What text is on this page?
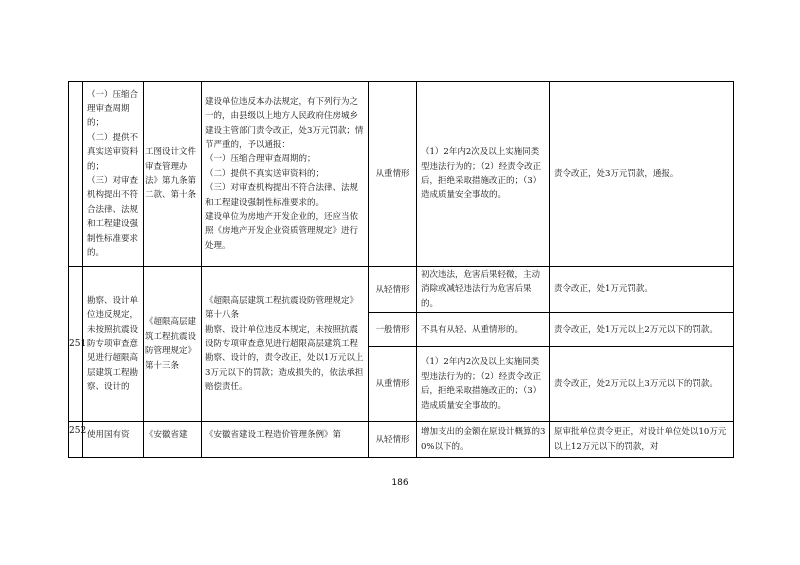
	（一）压缩合理审查周期的；
（二）提供不真实送审资料的；
（三）对审查机构提出不符合法律、法规和工程建设强制性标准要求的。	工图设计文件审查管理办法》第九条第二款、第十条	建设单位违反本办法规定，有下列行为之一的，由县级以上地方人民政府住房城乡建设主管部门责令改正，处3万元罚款；情节严重的，予以通报：
（一）压缩合理审查周期的；
（二）提供不真实送审资料的；
（三）对审查机构提出不符合法律、法规和工程建设强制性标准要求的。
建设单位为房地产开发企业的，还应当依照《房地产开发企业资质管理规定》进行处理。	从重情形	（1）2年内2次及以上实施同类型违法行为的；（2）经责令改正后，拒绝采取措施改正的；（3）造成质量安全事故的。	责令改正，处3万元罚款，通报。
251	勘察、设计单位违反规定，未按照抗震设防专项审查意见进行超限高层建筑工程勘察、设计的	《超限高层建筑工程抗震设防管理规定》第十三条	《超限高层建筑工程抗震设防管理规定》第十八条
勘察、设计单位违反本规定，未按照抗震设防专项审查意见进行超限高层建筑工程勘察、设计的，责令改正，处以1万元以上3万元以下的罚款；造成损失的，依法承担赔偿责任。	从轻情形	初次违法，危害后果轻微，主动消除或减轻违法行为危害后果的。	责令改正，处1万元罚款。
				一般情形	不具有从轻、从重情形的。	责令改正，处1万元以上2万元以下的罚款。
				从重情形	（1）2年内2次及以上实施同类型违法行为的；（2）经责令改正后，拒绝采取措施改正的；（3）造成质量安全事故的。	责令改正，处2万元以上3万元以下的罚款。
252	使用国有资	《安徽省建	《安徽省建设工程造价管理条例》第	从轻情形	增加支出的金额在原设计概算的30%以下的。	原审批单位责令更正，对设计单位处以10万元以上12万元以下的罚款，对
186
